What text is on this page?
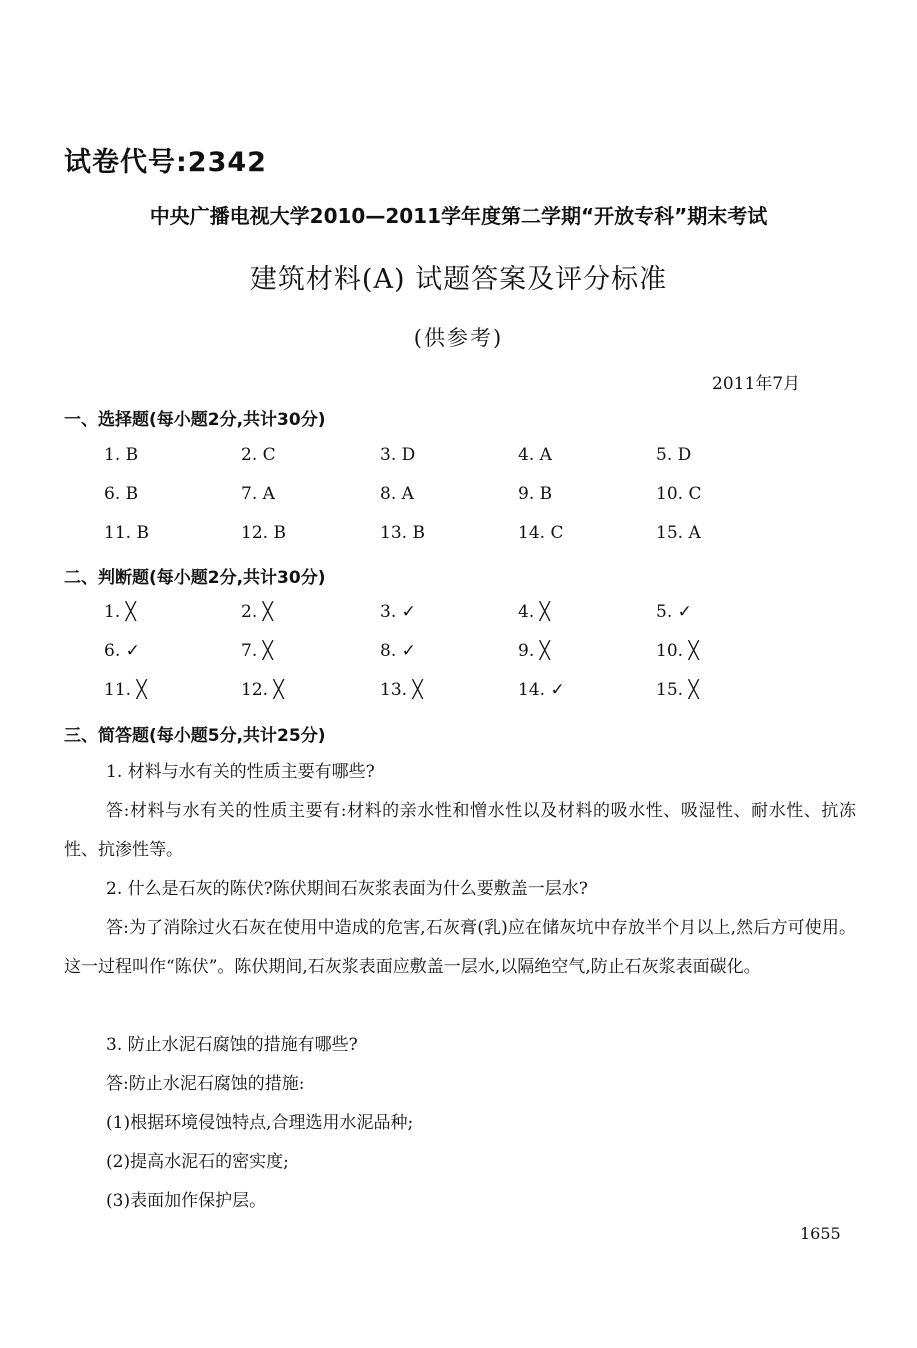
试卷代号:2342
中央广播电视大学2010—2011学年度第二学期“开放专科”期末考试
建筑材料(A) 试题答案及评分标准
(供参考)
2011年7月
一、选择题(每小题2分,共计30分)
1. B	2. C	3. D	4. A	5. D
6. B	7. A	8. A	9. B	10. C
11. B	12. B	13. B	14. C	15. A
二、判断题(每小题2分,共计30分)
1. ╳	2. ╳	3. ✓	4. ╳	5. ✓
6. ✓	7. ╳	8. ✓	9. ╳	10. ╳
11. ╳	12. ╳	13. ╳	14. ✓	15. ╳
三、简答题(每小题5分,共计25分)
1. 材料与水有关的性质主要有哪些?
答:材料与水有关的性质主要有:材料的亲水性和憎水性以及材料的吸水性、吸湿性、耐水性、抗冻性、抗渗性等。
2. 什么是石灰的陈伏?陈伏期间石灰浆表面为什么要敷盖一层水?
答:为了消除过火石灰在使用中造成的危害,石灰膏(乳)应在储灰坑中存放半个月以上,然后方可使用。这一过程叫作“陈伏”。陈伏期间,石灰浆表面应敷盖一层水,以隔绝空气,防止石灰浆表面碳化。
3. 防止水泥石腐蚀的措施有哪些?
答:防止水泥石腐蚀的措施:
(1)根据环境侵蚀特点,合理选用水泥品种;
(2)提高水泥石的密实度;
(3)表面加作保护层。
1655
